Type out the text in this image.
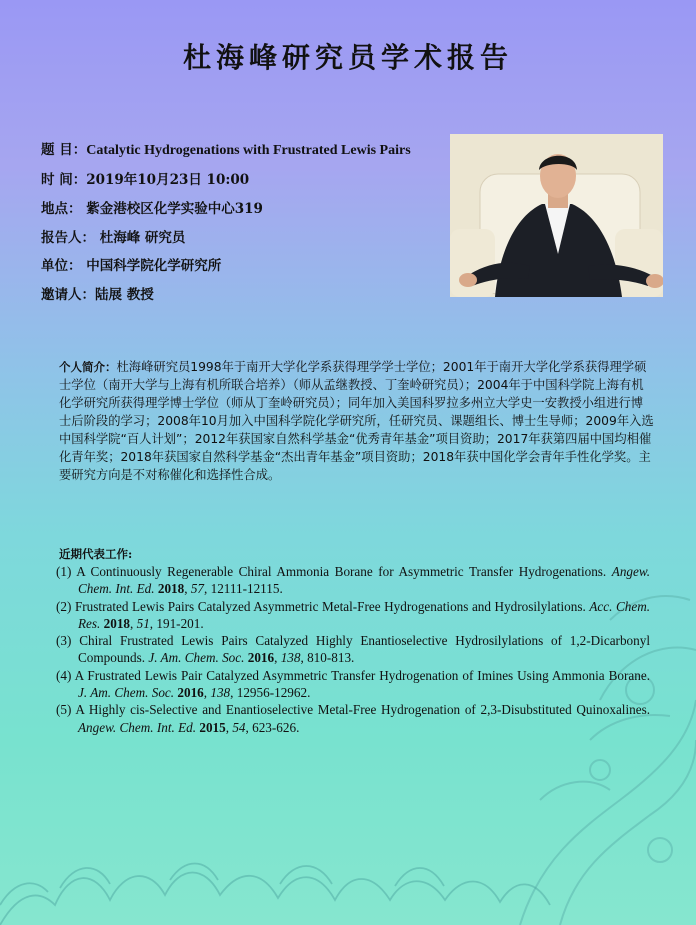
杜海峰研究员学术报告
题 目：Catalytic Hydrogenations with Frustrated Lewis Pairs
时 间：2019年10月23日 10:00
地点： 紫金港校区化学实验中心319
报告人： 杜海峰 研究员
单位： 中国科学院化学研究所
邀请人：陆展 教授
个人简介：杜海峰研究员1998年于南开大学化学系获得理学学士学位；2001年于南开大学化学系获得理学硕士学位（南开大学与上海有机所联合培养）（师从孟继教授、丁奎岭研究员）；2004年于中国科学院上海有机化学研究所获得理学博士学位（师从丁奎岭研究员）；同年加入美国科罗拉多州立大学史一安教授小组进行博士后阶段的学习；2008年10月加入中国科学院化学研究所，任研究员、课题组长、博士生导师；2009年入选中国科学院“百人计划”；2012年获国家自然科学基金“优秀青年基金”项目资助；2017年获第四届中国均相催化青年奖；2018年获国家自然科学基金“杰出青年基金”项目资助；2018年获中国化学会青年手性化学奖。主要研究方向是不对称催化和选择性合成。
近期代表工作:
(1) A Continuously Regenerable Chiral Ammonia Borane for Asymmetric Transfer Hydrogenations. Angew. Chem. Int. Ed. 2018, 57, 12111-12115.
(2) Frustrated Lewis Pairs Catalyzed Asymmetric Metal-Free Hydrogenations and Hydrosilylations. Acc. Chem. Res. 2018, 51, 191-201.
(3) Chiral Frustrated Lewis Pairs Catalyzed Highly Enantioselective Hydrosilylations of 1,2-Dicarbonyl Compounds. J. Am. Chem. Soc. 2016, 138, 810-813.
(4) A Frustrated Lewis Pair Catalyzed Asymmetric Transfer Hydrogenation of Imines Using Ammonia Borane. J. Am. Chem. Soc. 2016, 138, 12956-12962.
(5) A Highly cis-Selective and Enantioselective Metal-Free Hydrogenation of 2,3-Disubstituted Quinoxalines. Angew. Chem. Int. Ed. 2015, 54, 623-626.
